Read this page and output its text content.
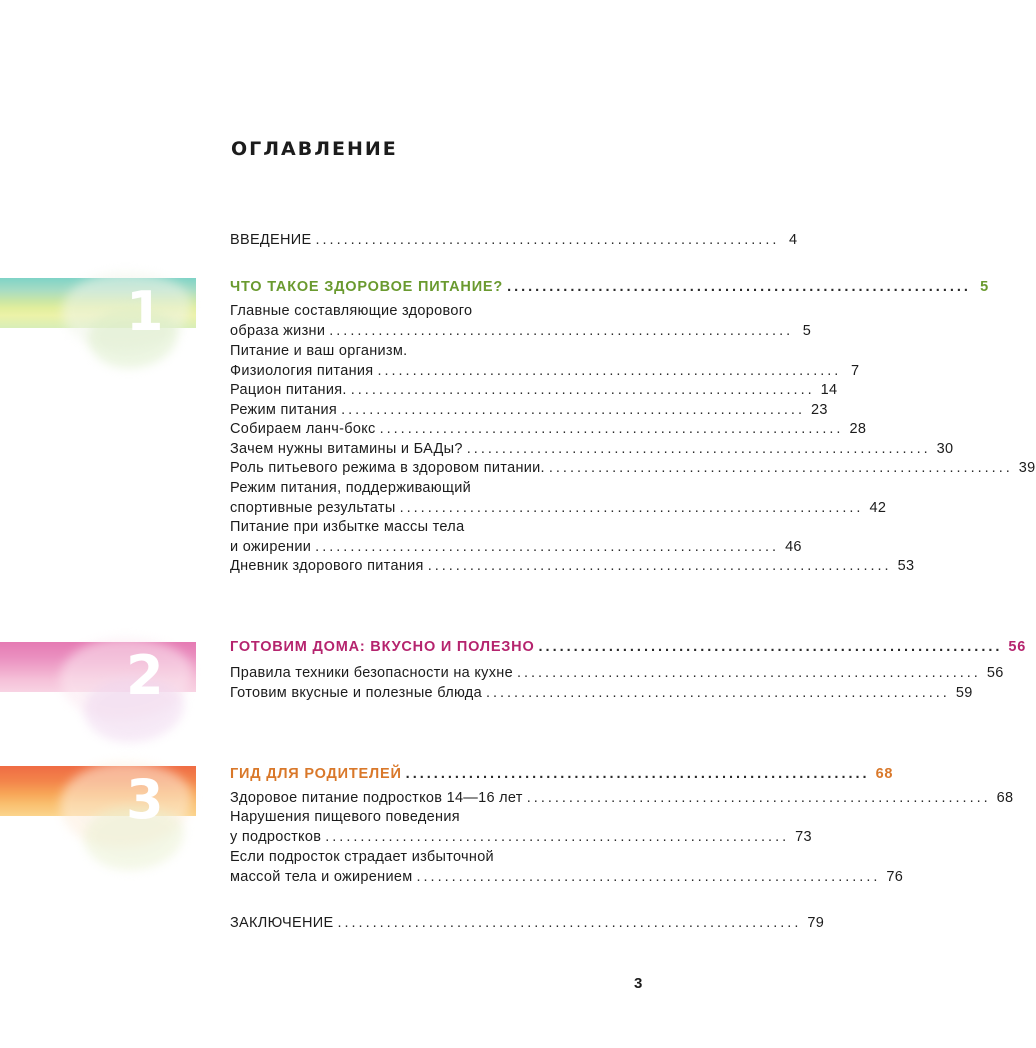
ОГЛАВЛЕНИЕ
1
2
3
ВВЕДЕНИЕ .................................................................. 4
ЧТО ТАКОЕ ЗДОРОВОЕ ПИТАНИЕ? .................................................................. 5
Главные составляющие здорового
образа жизни .................................................................. 5
Питание и ваш организм.
Физиология питания .................................................................. 7
Рацион питания. .................................................................. 14
Режим питания .................................................................. 23
Собираем ланч-бокс .................................................................. 28
Зачем нужны витамины и БАДы? .................................................................. 30
Роль питьевого режима в здоровом питании. .................................................................. 39
Режим питания, поддерживающий
спортивные результаты .................................................................. 42
Питание при избытке массы тела
и ожирении .................................................................. 46
Дневник здорового питания .................................................................. 53
ГОТОВИМ ДОМА: ВКУСНО И ПОЛЕЗНО .................................................................. 56
Правила техники безопасности на кухне .................................................................. 56
Готовим вкусные и полезные блюда .................................................................. 59
ГИД ДЛЯ РОДИТЕЛЕЙ .................................................................. 68
Здоровое питание подростков 14—16 лет .................................................................. 68
Нарушения пищевого поведения
у подростков .................................................................. 73
Если подросток страдает избыточной
массой тела и ожирением .................................................................. 76
ЗАКЛЮЧЕНИЕ .................................................................. 79
3
